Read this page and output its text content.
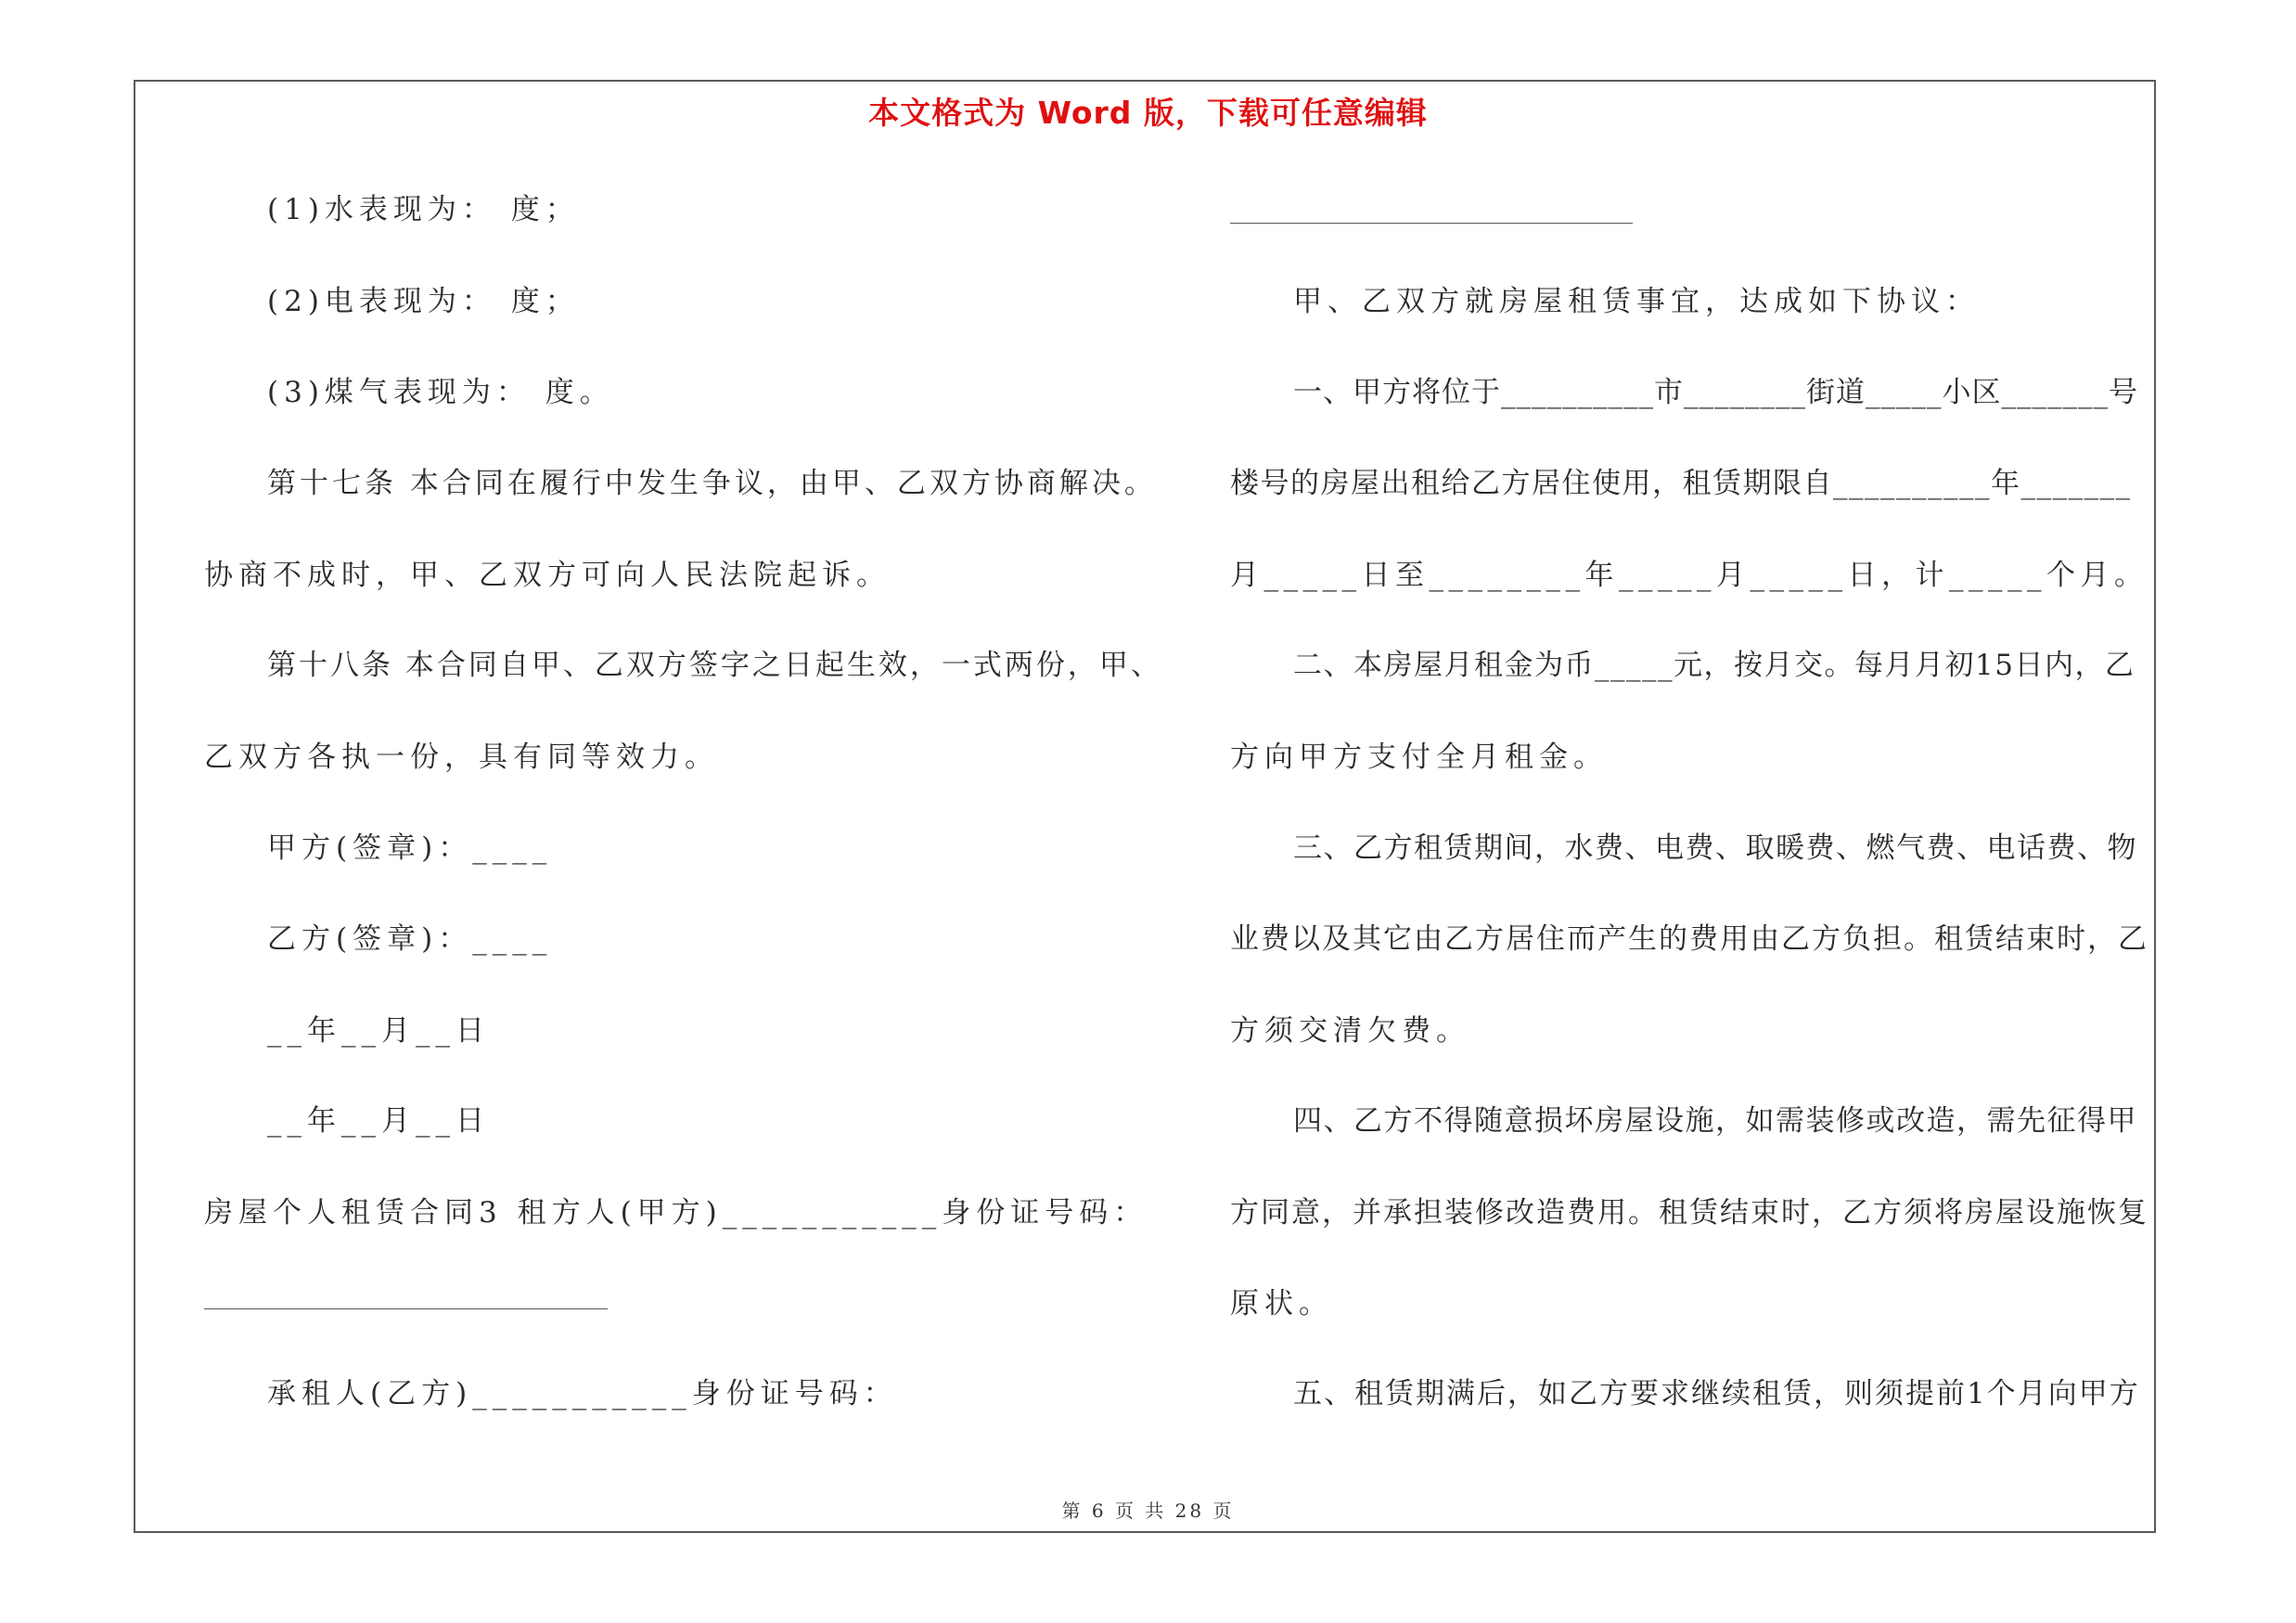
本文格式为 Word 版，下载可任意编辑
(1)水表现为： 度；
(2)电表现为： 度；
(3)煤气表现为： 度。
第十七条 本合同在履行中发生争议，由甲、乙双方协商解决。
协商不成时，甲、乙双方可向人民法院起诉。
第十八条 本合同自甲、乙双方签字之日起生效，一式两份，甲、
乙双方各执一份，具有同等效力。
甲方(签章)：____
乙方(签章)：____
__年__月__日
__年__月__日
房屋个人租赁合同3 租方人(甲方)___________身份证号码：
承租人(乙方)___________身份证号码：
甲、乙双方就房屋租赁事宜，达成如下协议：
一、甲方将位于__________市________街道_____小区_______号
楼号的房屋出租给乙方居住使用，租赁期限自__________年_______
月_____日至________年_____月_____日，计_____个月。
二、本房屋月租金为币_____元，按月交。每月月初15日内，乙
方向甲方支付全月租金。
三、乙方租赁期间，水费、电费、取暖费、燃气费、电话费、物
业费以及其它由乙方居住而产生的费用由乙方负担。租赁结束时，乙
方须交清欠费。
四、乙方不得随意损坏房屋设施，如需装修或改造，需先征得甲
方同意，并承担装修改造费用。租赁结束时，乙方须将房屋设施恢复
原状。
五、租赁期满后，如乙方要求继续租赁，则须提前1个月向甲方
第 6 页 共 28 页
